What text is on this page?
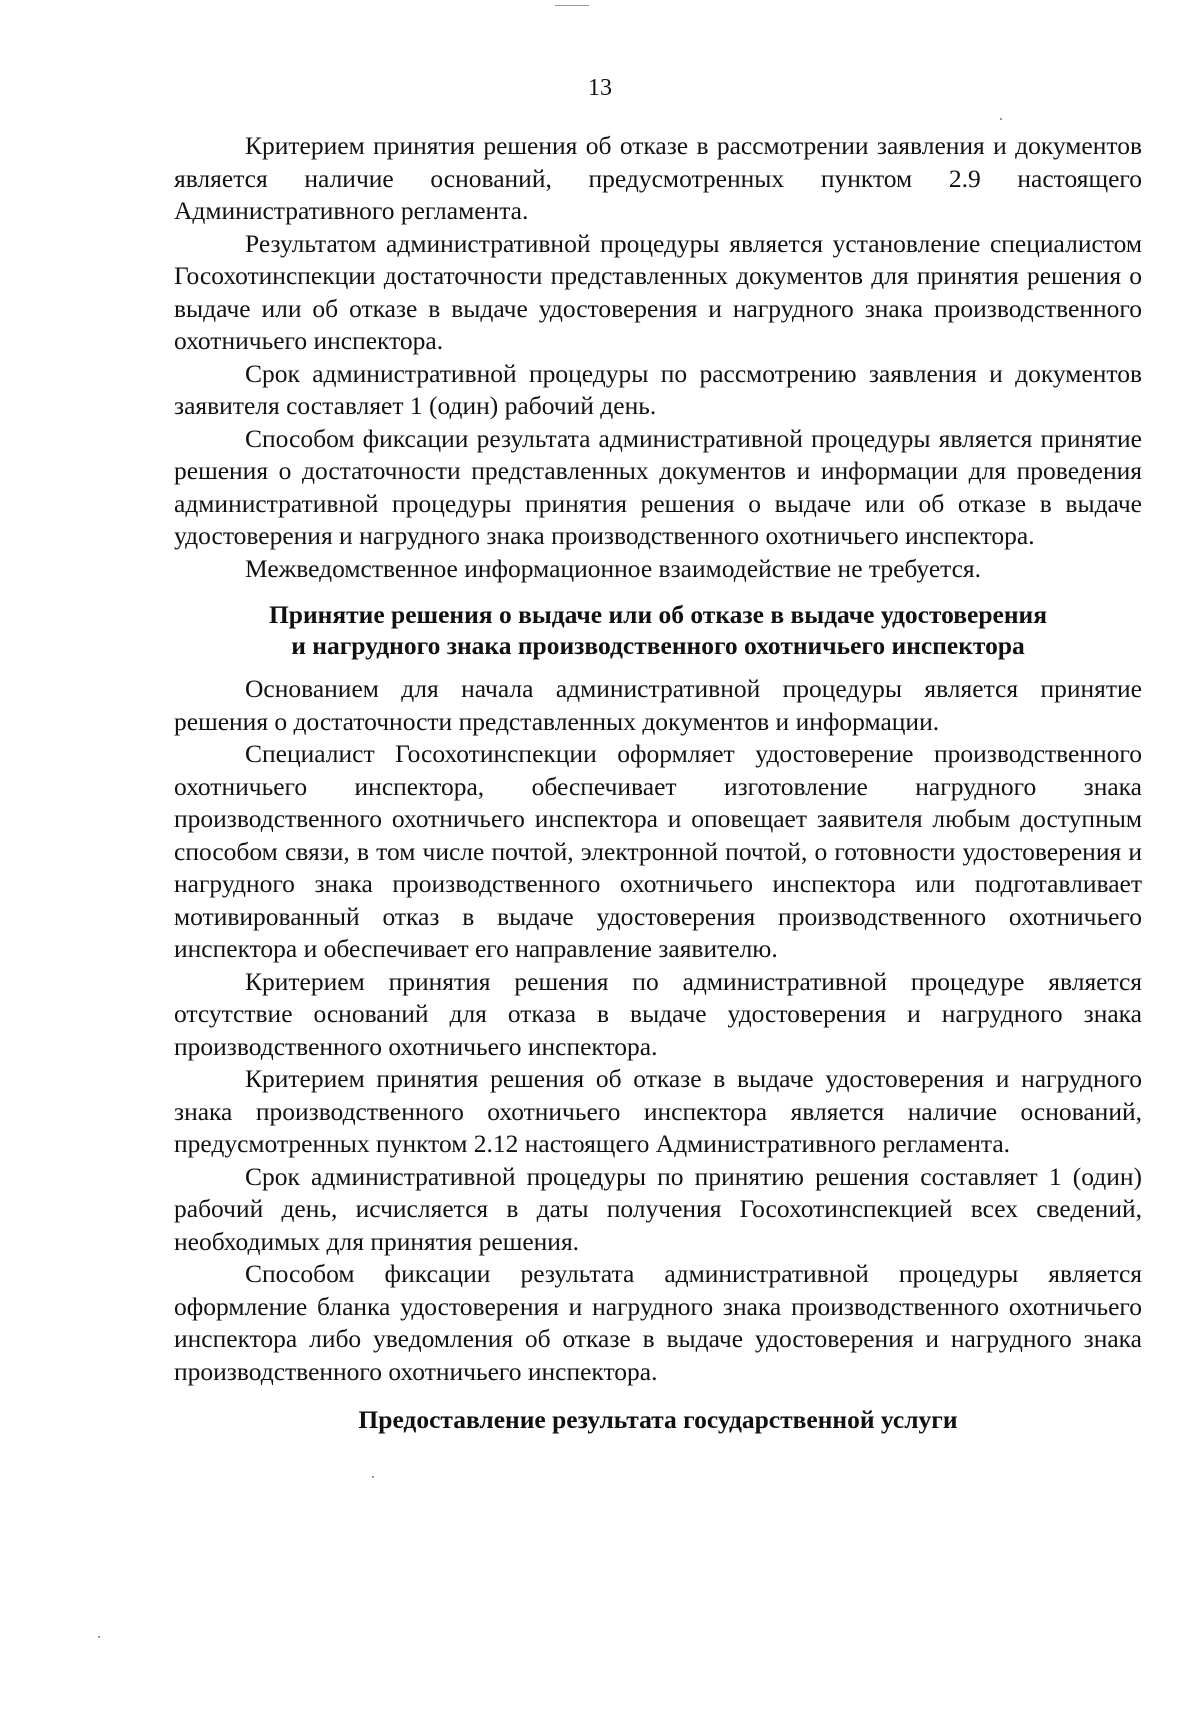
13

Критерием принятия решения об отказе в рассмотрении заявления и документов является наличие оснований, предусмотренных пунктом 2.9 настоящего Административного регламента.

Результатом административной процедуры является установление специалистом Госохотинспекции достаточности представленных документов для принятия решения о выдаче или об отказе в выдаче удостоверения и нагрудного знака производственного охотничьего инспектора.

Срок административной процедуры по рассмотрению заявления и документов заявителя составляет 1 (один) рабочий день.

Способом фиксации результата административной процедуры является принятие решения о достаточности представленных документов и информации для проведения административной процедуры принятия решения о выдаче или об отказе в выдаче удостоверения и нагрудного знака производственного охотничьего инспектора.

Межведомственное информационное взаимодействие не требуется.

Принятие решения о выдаче или об отказе в выдаче удостоверения
и нагрудного знака производственного охотничьего инспектора

Основанием для начала административной процедуры является принятие решения о достаточности представленных документов и информации.

Специалист Госохотинспекции оформляет удостоверение производственного охотничьего инспектора, обеспечивает изготовление нагрудного знака производственного охотничьего инспектора и оповещает заявителя любым доступным способом связи, в том числе почтой, электронной почтой, о готовности удостоверения и нагрудного знака производственного охотничьего инспектора или подготавливает мотивированный отказ в выдаче удостоверения производственного охотничьего инспектора и обеспечивает его направление заявителю.

Критерием принятия решения по административной процедуре является отсутствие оснований для отказа в выдаче удостоверения и нагрудного знака производственного охотничьего инспектора.

Критерием принятия решения об отказе в выдаче удостоверения и нагрудного знака производственного охотничьего инспектора является наличие оснований, предусмотренных пунктом 2.12 настоящего Административного регламента.

Срок административной процедуры по принятию решения составляет 1 (один) рабочий день, исчисляется в даты получения Госохотинспекцией всех сведений, необходимых для принятия решения.

Способом фиксации результата административной процедуры является оформление бланка удостоверения и нагрудного знака производственного охотничьего инспектора либо уведомления об отказе в выдаче удостоверения и нагрудного знака производственного охотничьего инспектора.

Предоставление результата государственной услуги
